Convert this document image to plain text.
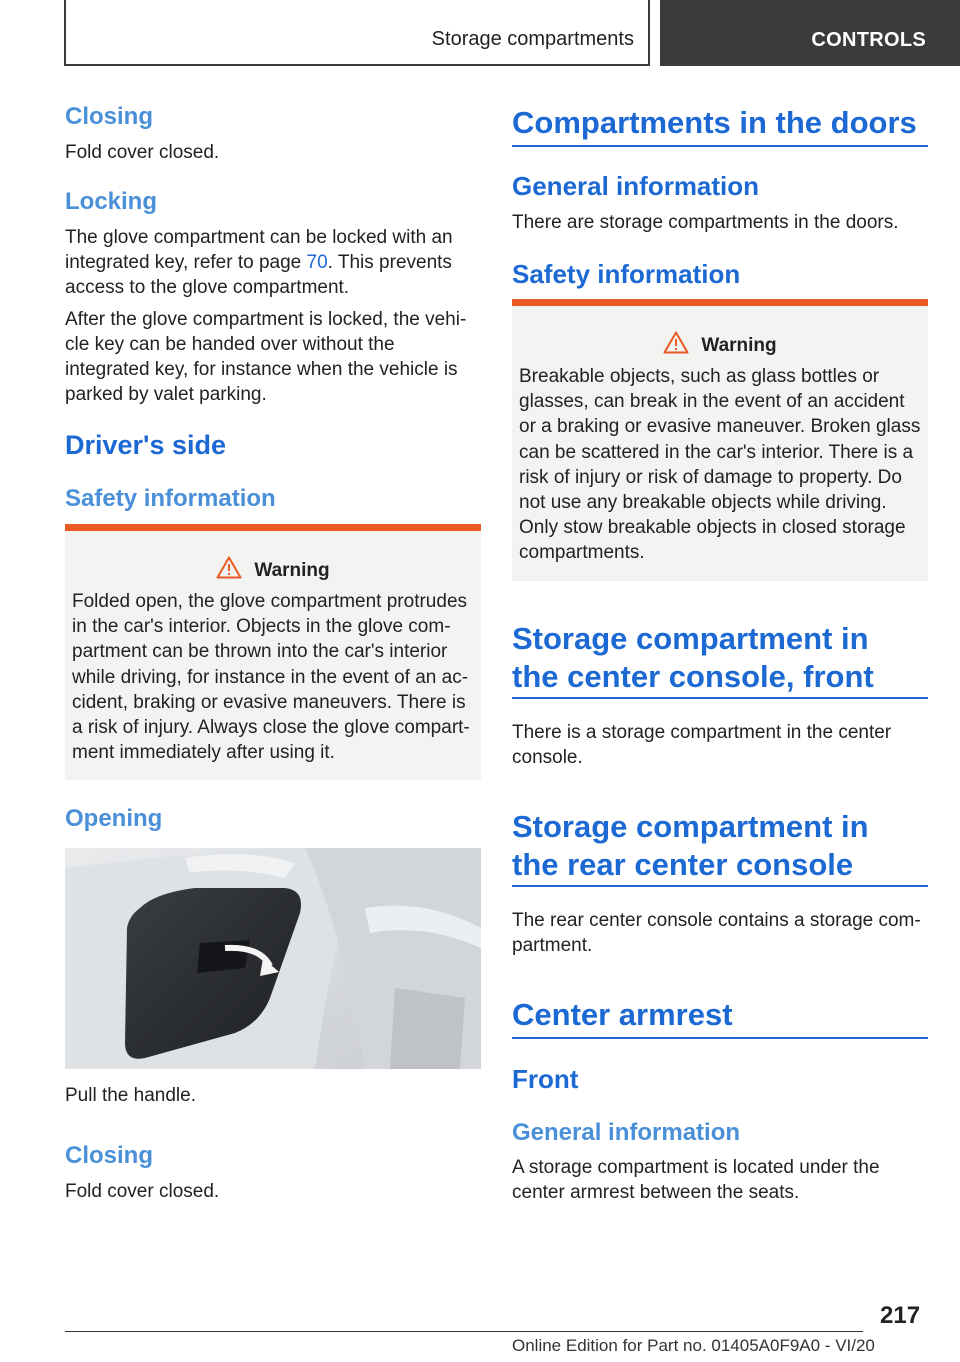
Storage compartments	CONTROLS
Closing
Fold cover closed.
Locking
The glove compartment can be locked with an integrated key, refer to page 70. This prevents access to the glove compartment.
After the glove compartment is locked, the vehi-cle key can be handed over without the integrated key, for instance when the vehicle is parked by valet parking.
Driver's side
Safety information
Warning
Folded open, the glove compartment protrudes in the car's interior. Objects in the glove com-partment can be thrown into the car's interior while driving, for instance in the event of an ac-cident, braking or evasive maneuvers. There is a risk of injury. Always close the glove compart-ment immediately after using it.
Opening
Pull the handle.
Closing
Fold cover closed.
Compartments in the doors
General information
There are storage compartments in the doors.
Safety information
Warning
Breakable objects, such as glass bottles or glasses, can break in the event of an accident or a braking or evasive maneuver. Broken glass can be scattered in the car's interior. There is a risk of injury or risk of damage to property. Do not use any breakable objects while driving. Only stow breakable objects in closed storage compartments.
Storage compartment in
the center console, front
There is a storage compartment in the center console.
Storage compartment in
the rear center console
The rear center console contains a storage com-partment.
Center armrest
Front
General information
A storage compartment is located under the center armrest between the seats.
217
Online Edition for Part no. 01405A0F9A0 - VI/20
